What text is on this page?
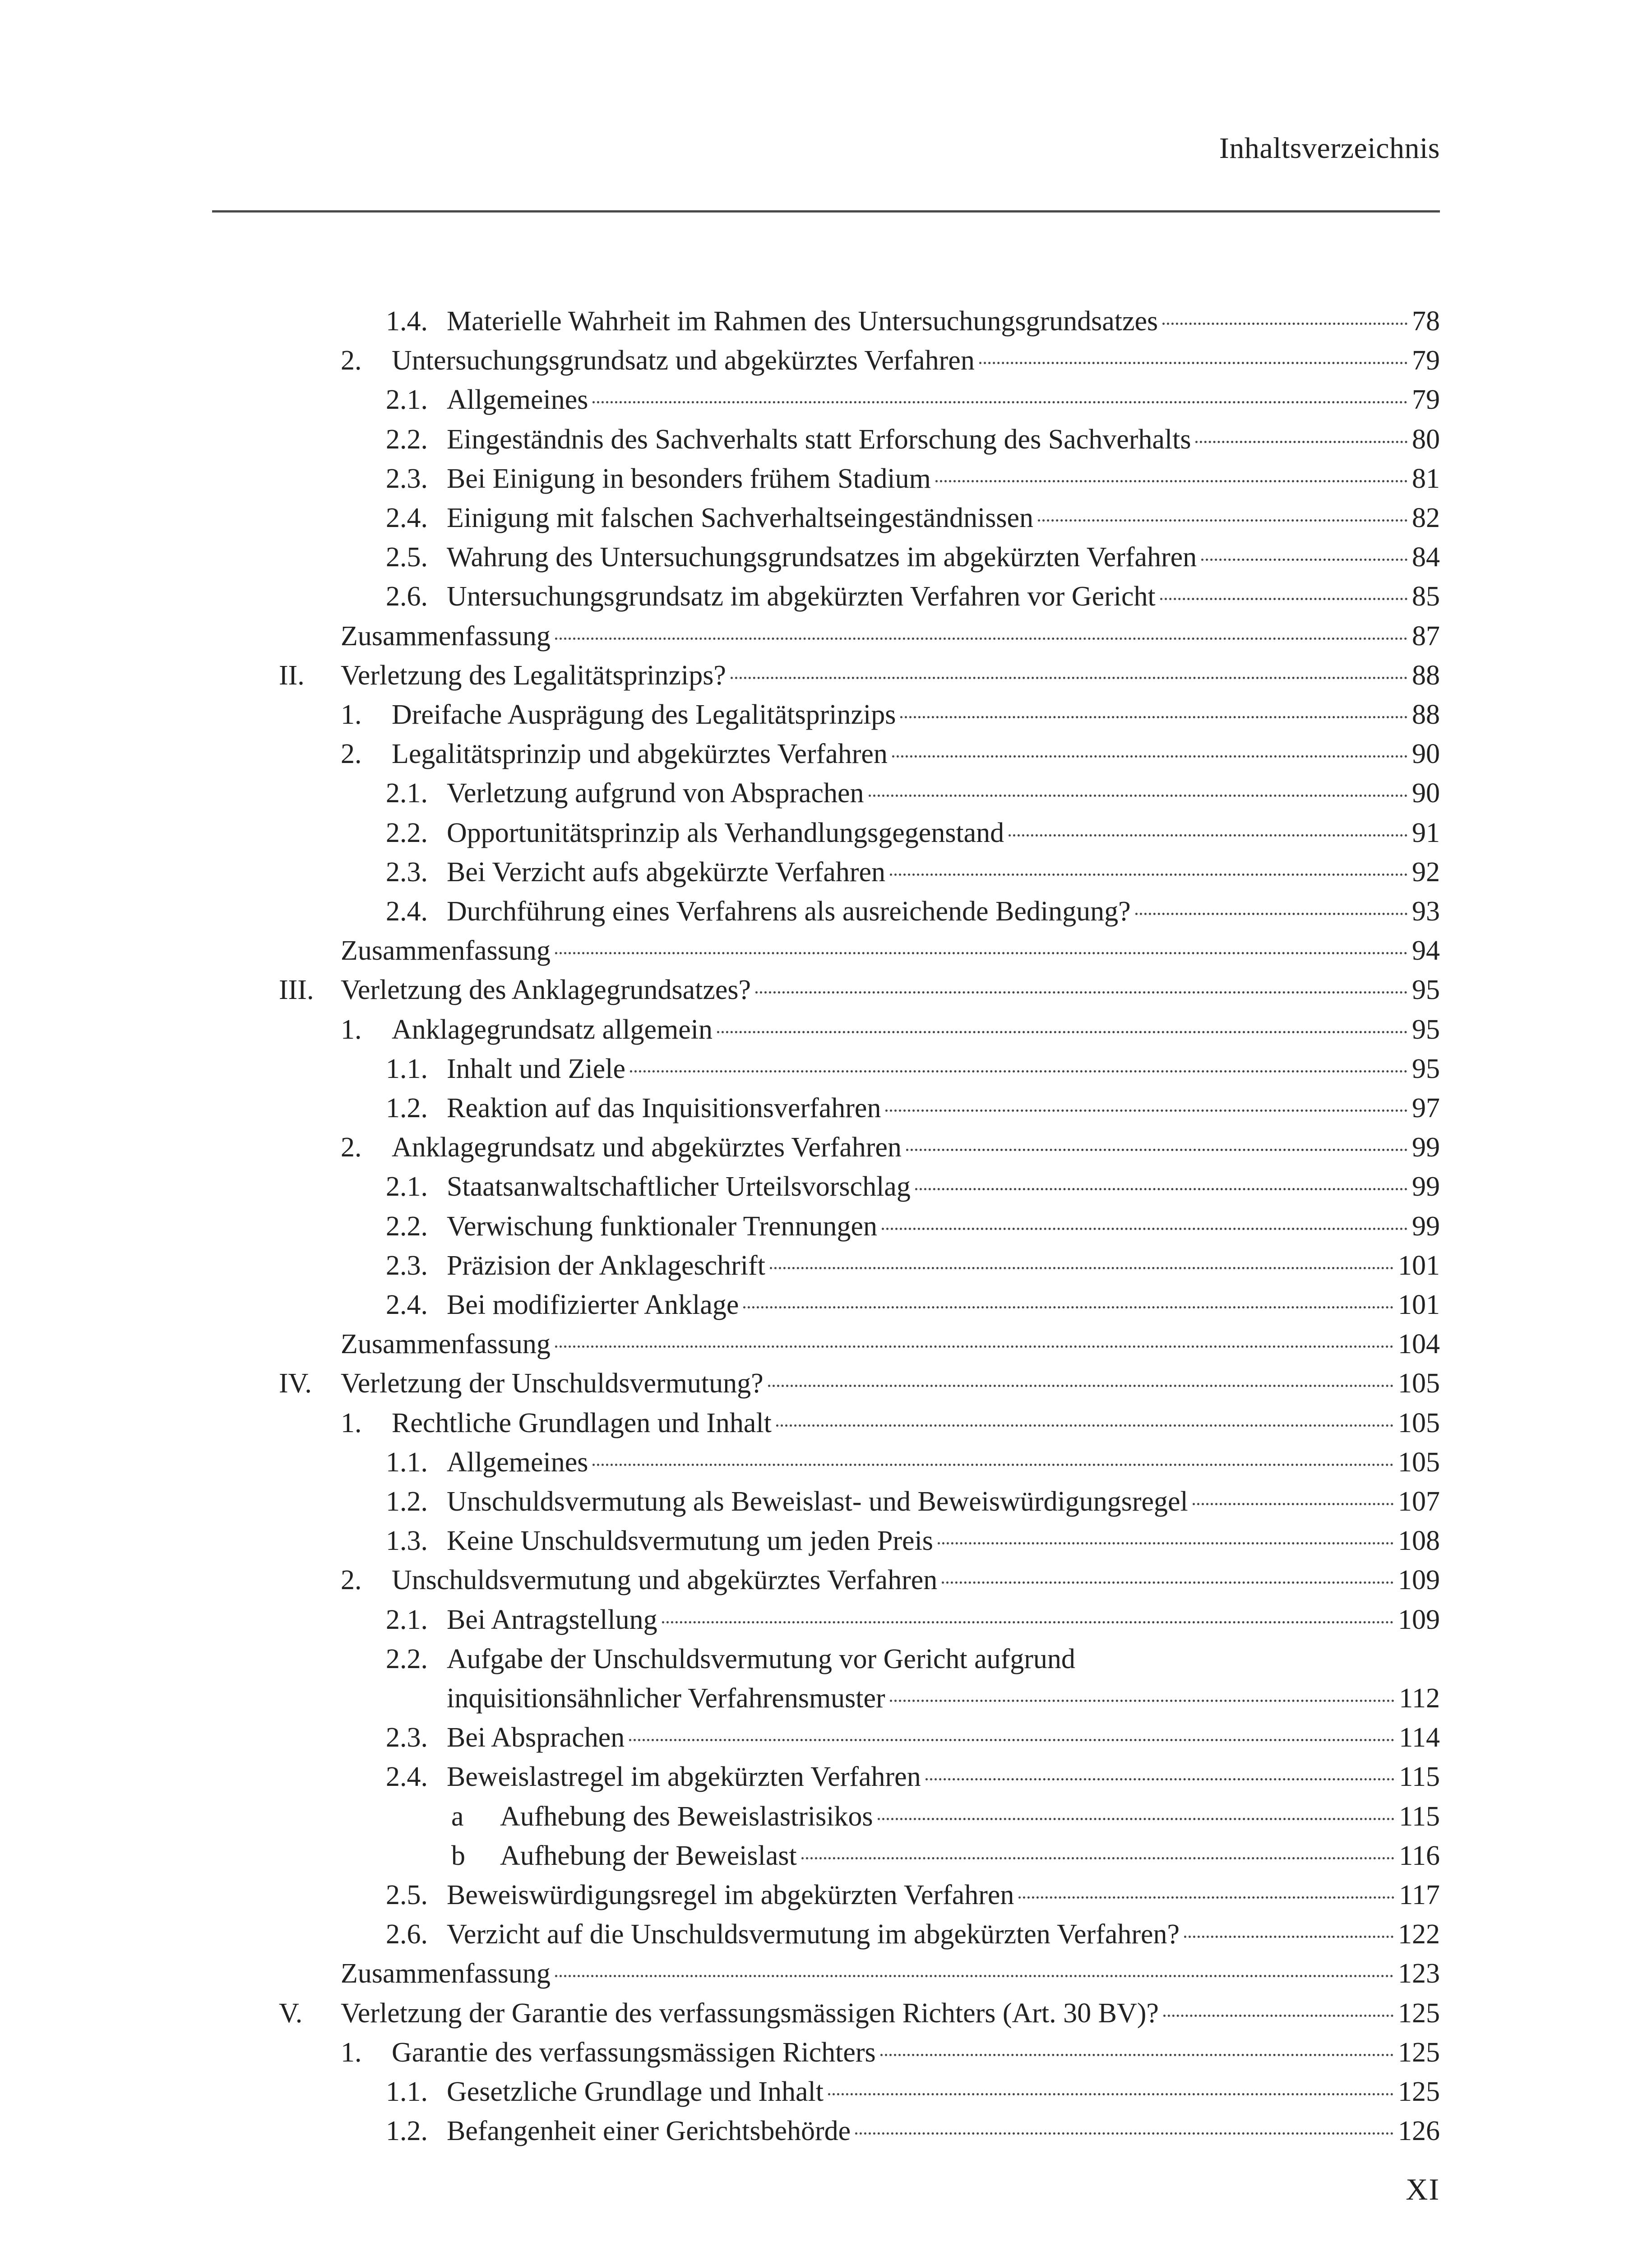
Inhaltsverzeichnis
1.4. Materielle Wahrheit im Rahmen des Untersuchungsgrundsatzes	78
2. Untersuchungsgrundsatz und abgekürztes Verfahren	79
2.1. Allgemeines	79
2.2. Eingeständnis des Sachverhalts statt Erforschung des Sachverhalts	80
2.3. Bei Einigung in besonders frühem Stadium	81
2.4. Einigung mit falschen Sachverhaltseingeständnissen	82
2.5. Wahrung des Untersuchungsgrundsatzes im abgekürzten Verfahren	84
2.6. Untersuchungsgrundsatz im abgekürzten Verfahren vor Gericht	85
Zusammenfassung	87
II. Verletzung des Legalitätsprinzips?	88
1. Dreifache Ausprägung des Legalitätsprinzips	88
2. Legalitätsprinzip und abgekürztes Verfahren	90
2.1. Verletzung aufgrund von Absprachen	90
2.2. Opportunitätsprinzip als Verhandlungsgegenstand	91
2.3. Bei Verzicht aufs abgekürzte Verfahren	92
2.4. Durchführung eines Verfahrens als ausreichende Bedingung?	93
Zusammenfassung	94
III. Verletzung des Anklagegrundsatzes?	95
1. Anklagegrundsatz allgemein	95
1.1. Inhalt und Ziele	95
1.2. Reaktion auf das Inquisitionsverfahren	97
2. Anklagegrundsatz und abgekürztes Verfahren	99
2.1. Staatsanwaltschaftlicher Urteilsvorschlag	99
2.2. Verwischung funktionaler Trennungen	99
2.3. Präzision der Anklageschrift	101
2.4. Bei modifizierter Anklage	101
Zusammenfassung	104
IV. Verletzung der Unschuldsvermutung?	105
1. Rechtliche Grundlagen und Inhalt	105
1.1. Allgemeines	105
1.2. Unschuldsvermutung als Beweislast- und Beweiswürdigungsregel	107
1.3. Keine Unschuldsvermutung um jeden Preis	108
2. Unschuldsvermutung und abgekürztes Verfahren	109
2.1. Bei Antragstellung	109
2.2. Aufgabe der Unschuldsvermutung vor Gericht aufgrund
inquisitionsähnlicher Verfahrensmuster	112
2.3. Bei Absprachen	114
2.4. Beweislastregel im abgekürzten Verfahren	115
a Aufhebung des Beweislastrisikos	115
b Aufhebung der Beweislast	116
2.5. Beweiswürdigungsregel im abgekürzten Verfahren	117
2.6. Verzicht auf die Unschuldsvermutung im abgekürzten Verfahren?	122
Zusammenfassung	123
V. Verletzung der Garantie des verfassungsmässigen Richters (Art. 30 BV)?	125
1. Garantie des verfassungsmässigen Richters	125
1.1. Gesetzliche Grundlage und Inhalt	125
1.2. Befangenheit einer Gerichtsbehörde	126
XI
